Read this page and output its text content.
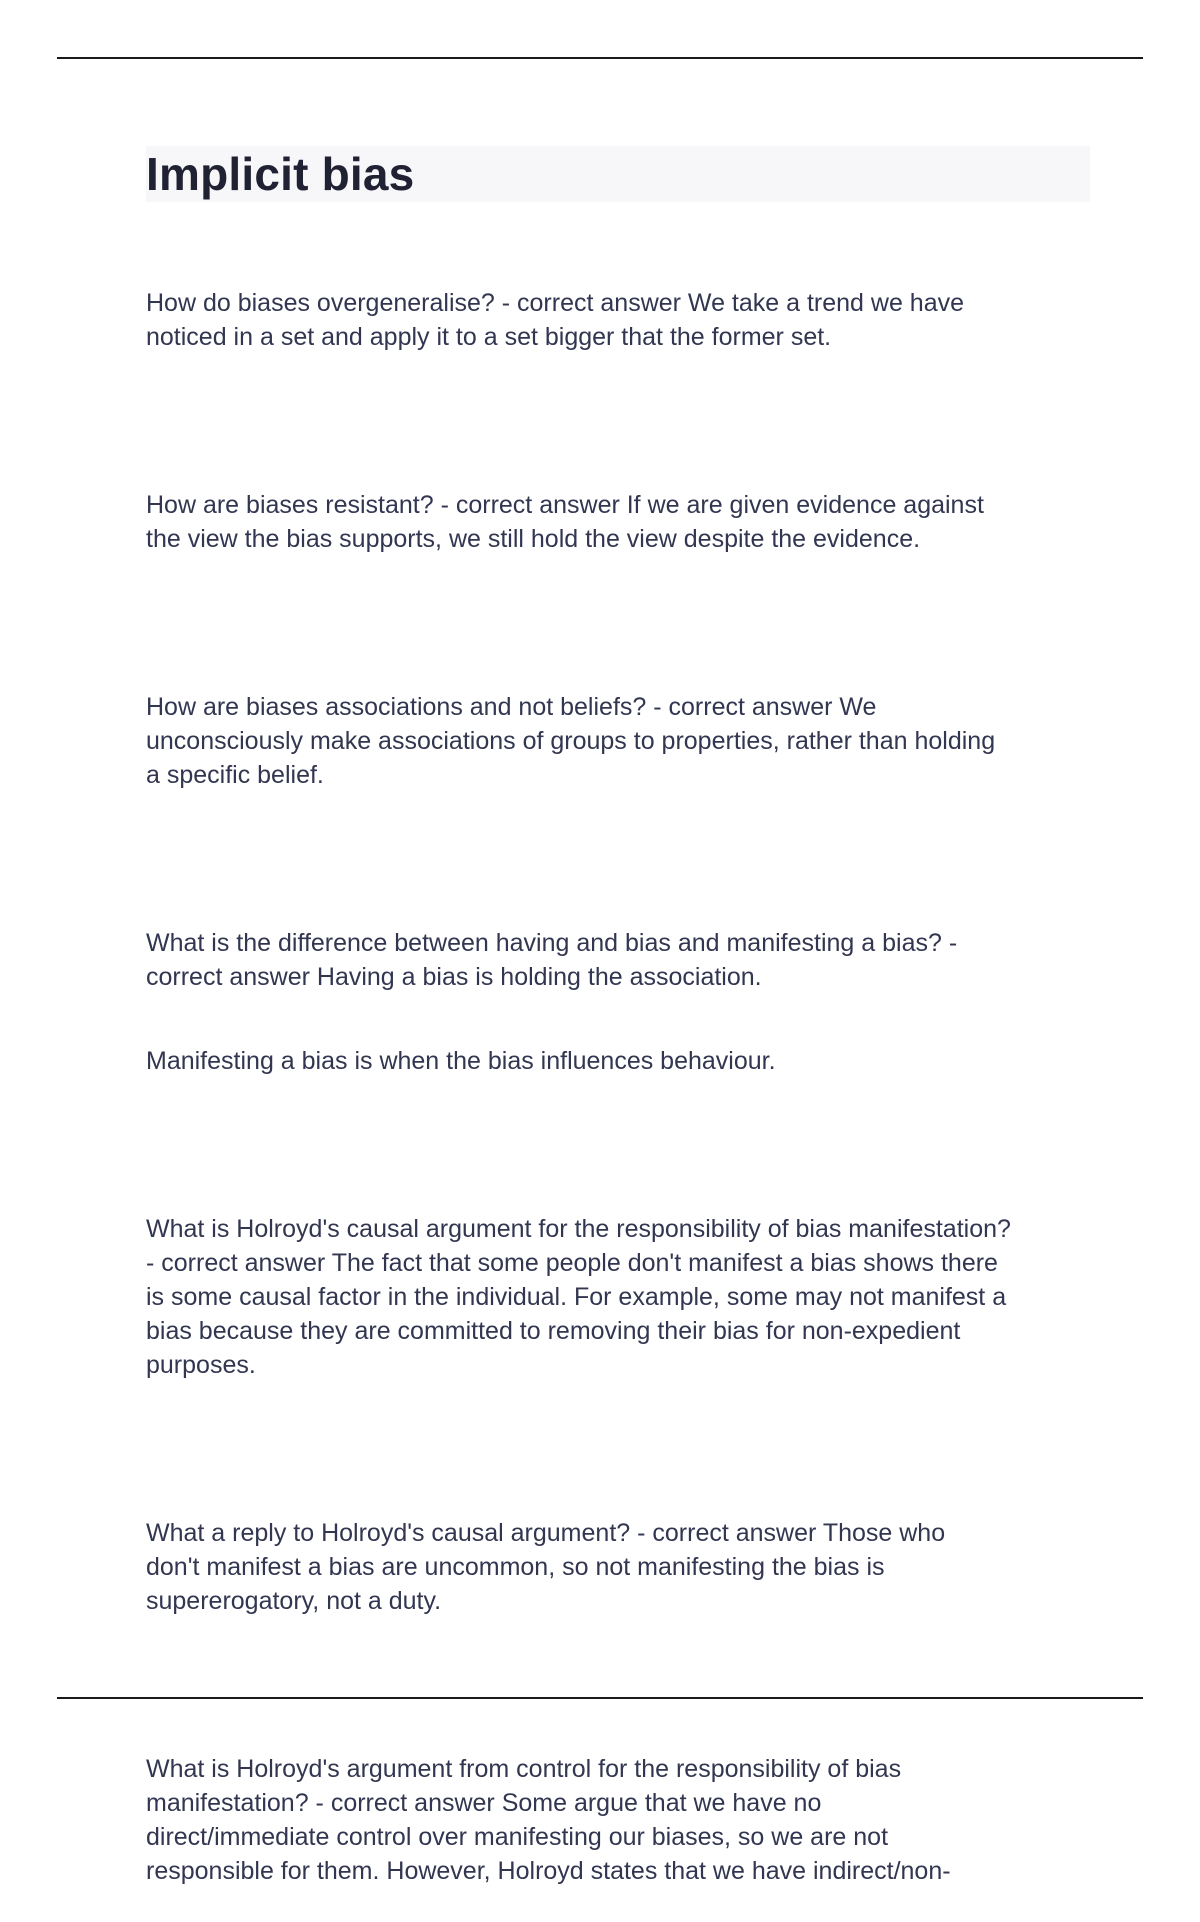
Implicit bias

How do biases overgeneralise? - correct answer We take a trend we have
noticed in a set and apply it to a set bigger that the former set.

How are biases resistant? - correct answer If we are given evidence against
the view the bias supports, we still hold the view despite the evidence.

How are biases associations and not beliefs? - correct answer We
unconsciously make associations of groups to properties, rather than holding
a specific belief.

What is the difference between having and bias and manifesting a bias? -
correct answer Having a bias is holding the association.

Manifesting a bias is when the bias influences behaviour.

What is Holroyd's causal argument for the responsibility of bias manifestation?
- correct answer The fact that some people don't manifest a bias shows there
is some causal factor in the individual. For example, some may not manifest a
bias because they are committed to removing their bias for non-expedient
purposes.

What a reply to Holroyd's causal argument? - correct answer Those who
don't manifest a bias are uncommon, so not manifesting the bias is
supererogatory, not a duty.

What is Holroyd's argument from control for the responsibility of bias
manifestation? - correct answer Some argue that we have no
direct/immediate control over manifesting our biases, so we are not
responsible for them. However, Holroyd states that we have indirect/non-
